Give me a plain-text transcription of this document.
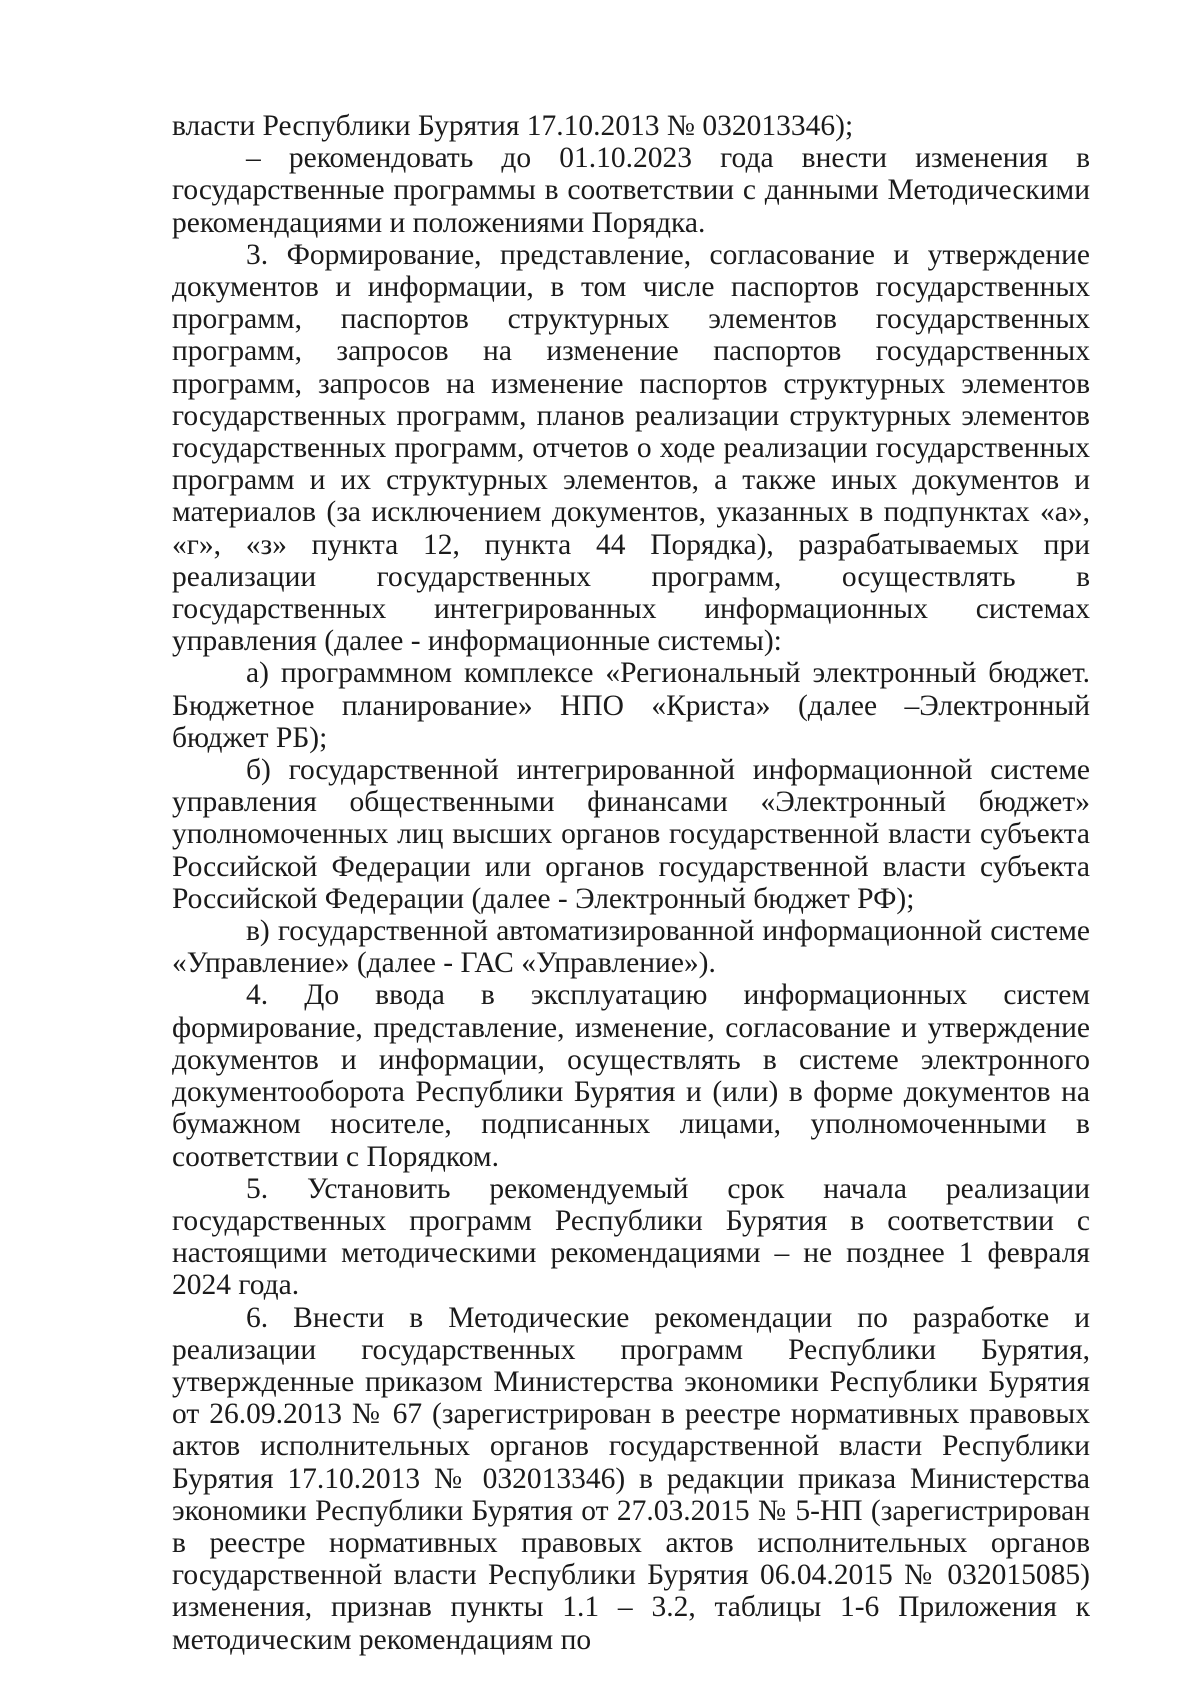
власти Республики Бурятия 17.10.2013 № 032013346);

– рекомендовать до 01.10.2023 года внести изменения в государственные программы в соответствии с данными Методическими рекомендациями и положениями Порядка.

3. Формирование, представление, согласование и утверждение документов и информации, в том числе паспортов государственных программ, паспортов структурных элементов государственных программ, запросов на изменение паспортов государственных программ, запросов на изменение паспортов структурных элементов государственных программ, планов реализации структурных элементов государственных программ, отчетов о ходе реализации государственных программ и их структурных элементов, а также иных документов и материалов (за исключением документов, указанных в подпунктах «а», «г», «з» пункта 12, пункта 44 Порядка), разрабатываемых при реализации государственных программ, осуществлять в государственных интегрированных информационных системах управления (далее - информационные системы):

а) программном комплексе «Региональный электронный бюджет. Бюджетное планирование» НПО «Криста» (далее –Электронный бюджет РБ);

б) государственной интегрированной информационной системе управления общественными финансами «Электронный бюджет» уполномоченных лиц высших органов государственной власти субъекта Российской Федерации или органов государственной власти субъекта Российской Федерации (далее - Электронный бюджет РФ);

в) государственной автоматизированной информационной системе «Управление» (далее - ГАС «Управление»).

4. До ввода в эксплуатацию информационных систем формирование, представление, изменение, согласование и утверждение документов и информации, осуществлять в системе электронного документооборота Республики Бурятия и (или) в форме документов на бумажном носителе, подписанных лицами, уполномоченными в соответствии с Порядком.

5. Установить рекомендуемый срок начала реализации государственных программ Республики Бурятия в соответствии с настоящими методическими рекомендациями – не позднее 1 февраля 2024 года.

6. Внести в Методические рекомендации по разработке и реализации государственных программ Республики Бурятия, утвержденные приказом Министерства экономики Республики Бурятия от 26.09.2013 № 67 (зарегистрирован в реестре нормативных правовых актов исполнительных органов государственной власти Республики Бурятия 17.10.2013 № 032013346) в редакции приказа Министерства экономики Республики Бурятия от 27.03.2015 № 5-НП (зарегистрирован в реестре нормативных правовых актов исполнительных органов государственной власти Республики Бурятия 06.04.2015 № 032015085) изменения, признав пункты 1.1 – 3.2, таблицы 1-6 Приложения к методическим рекомендациям по
